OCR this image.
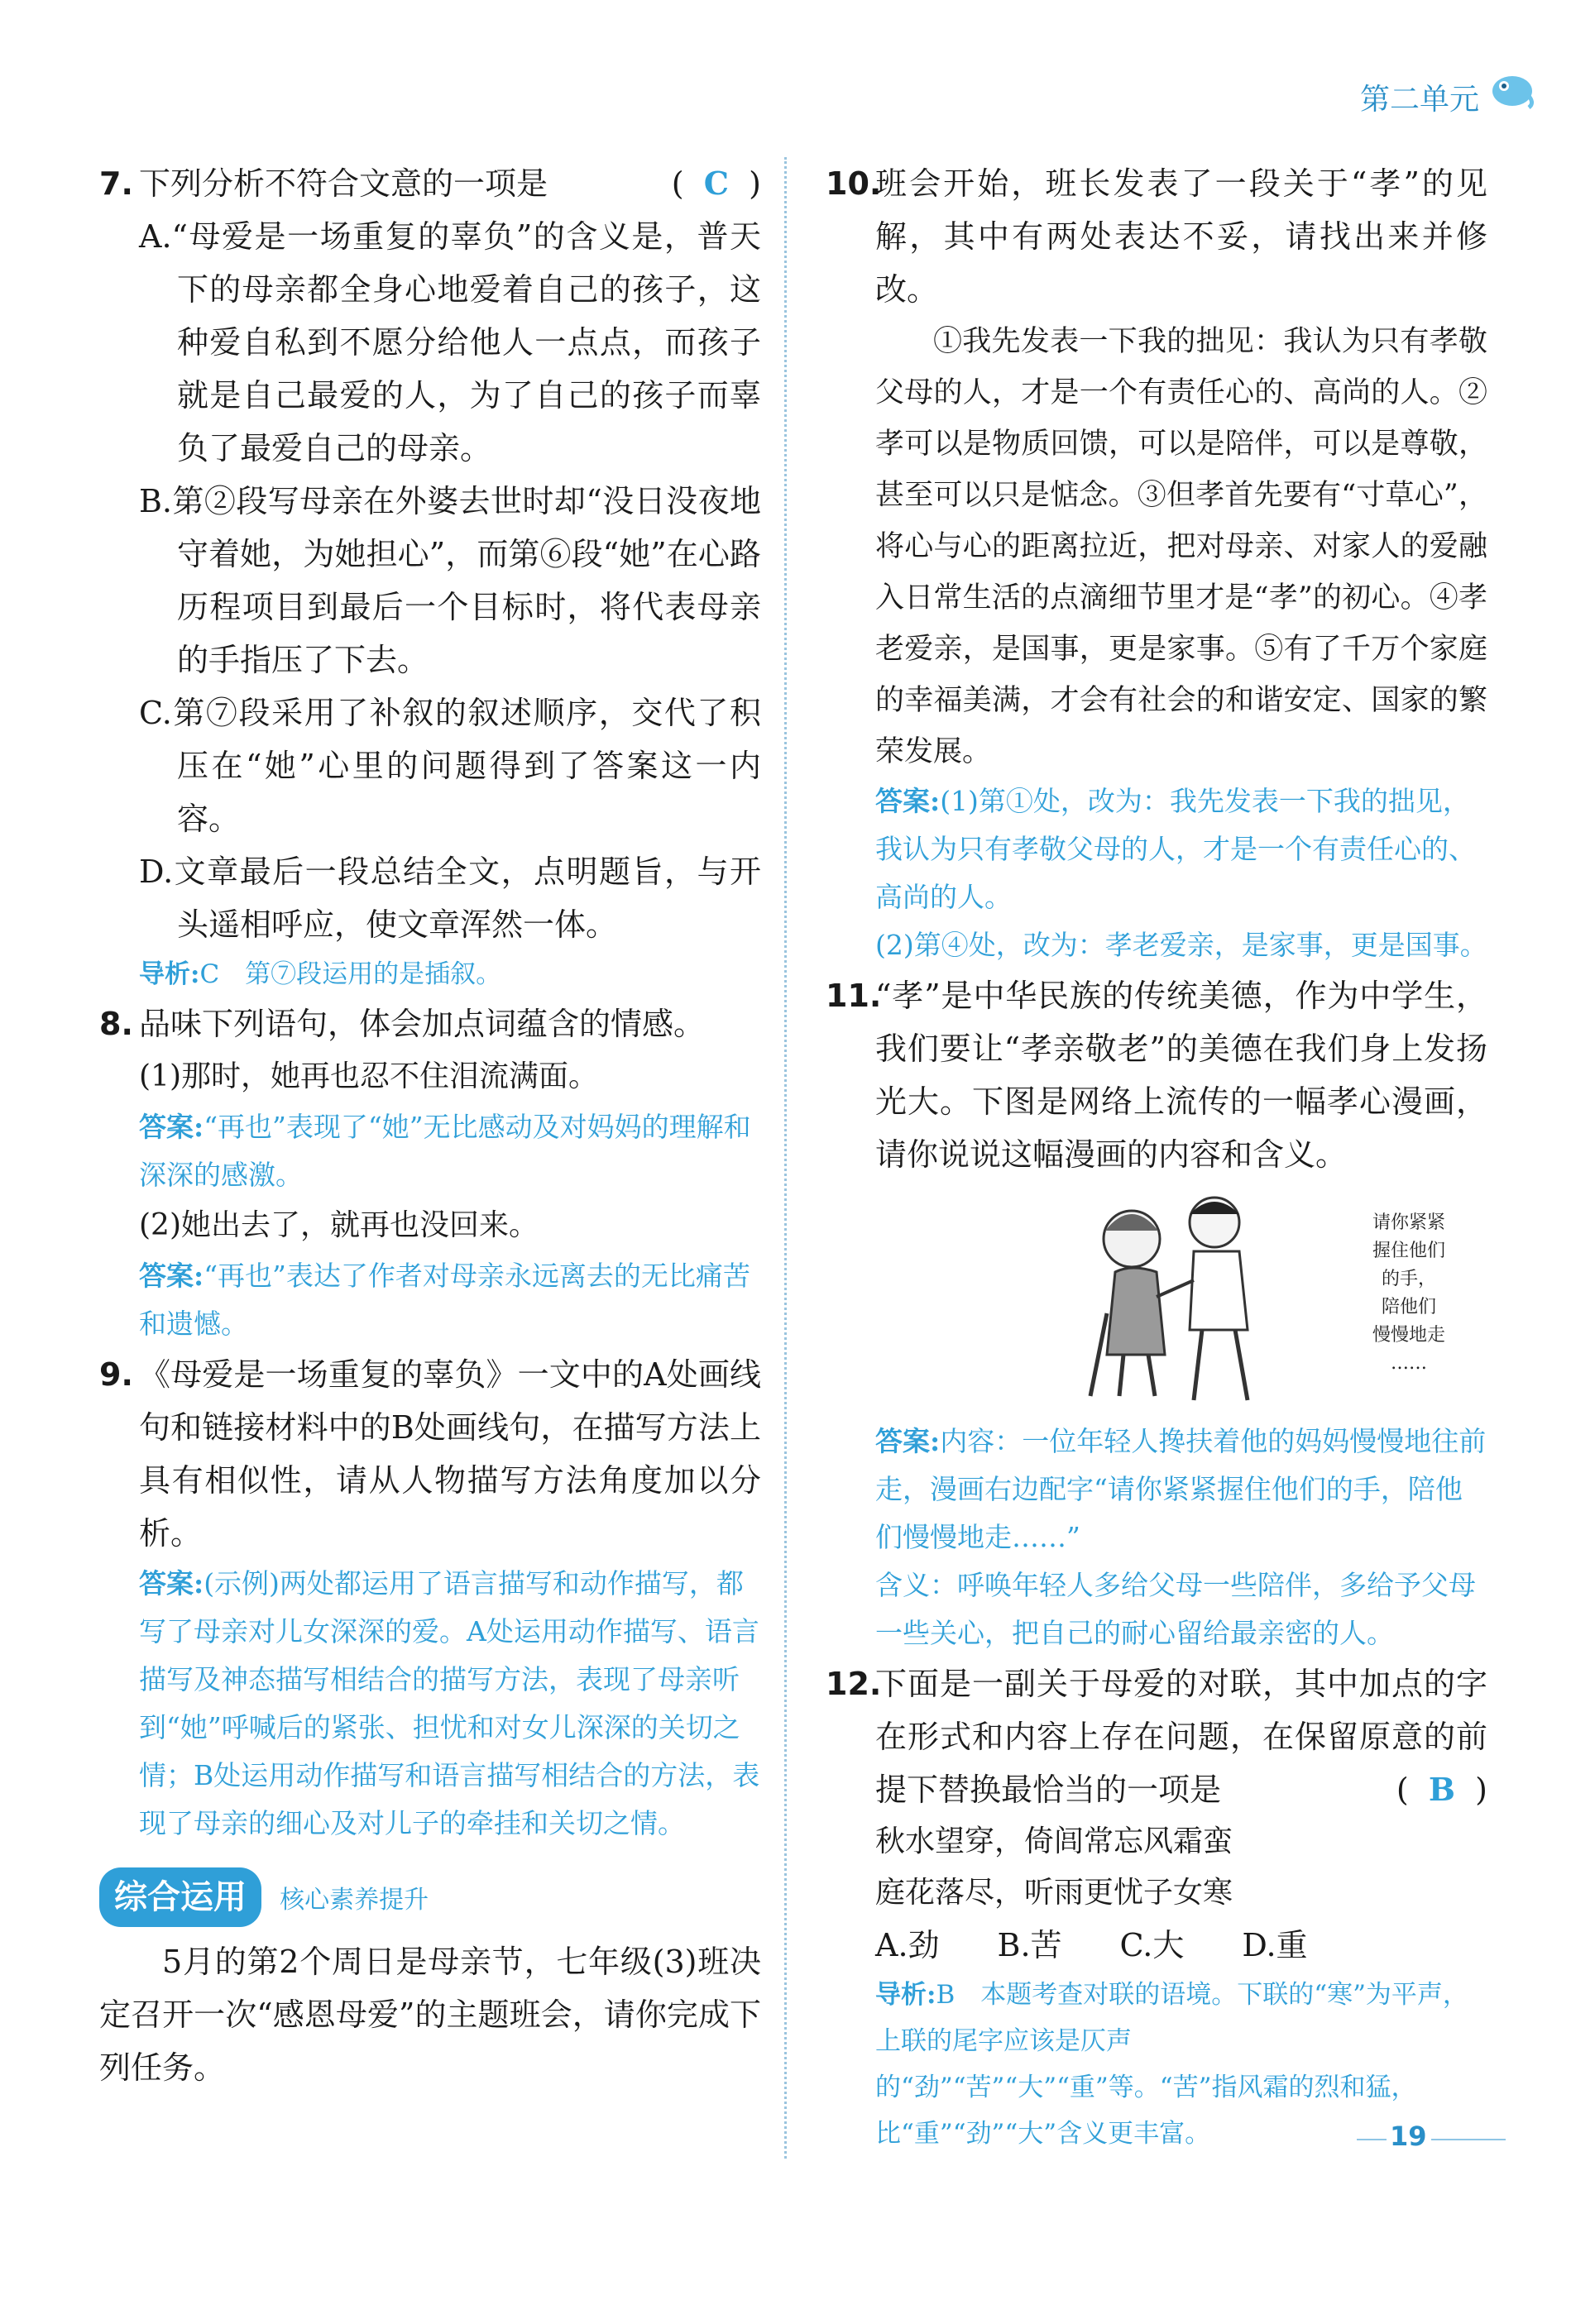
第二单元
7.	(  C  )
下列分析不符合文意的一项是
A.“母爱是一场重复的辜负”的含义是，普天下的母亲都全身心地爱着自己的孩子，这种爱自私到不愿分给他人一点点，而孩子就是自己最爱的人，为了自己的孩子而辜负了最爱自己的母亲。
B.第②段写母亲在外婆去世时却“没日没夜地守着她，为她担心”，而第⑥段“她”在心路历程项目到最后一个目标时，将代表母亲的手指压了下去。
C.第⑦段采用了补叙的叙述顺序，交代了积压在“她”心里的问题得到了答案这一内容。
D.文章最后一段总结全文，点明题旨，与开头遥相呼应，使文章浑然一体。
导析:C　第⑦段运用的是插叙。
8. 品味下列语句，体会加点词蕴含的情感。
(1)那时，她再也忍不住泪流满面。
答案:“再也”表现了“她”无比感动及对妈妈的理解和深深的感激。
(2)她出去了，就再也没回来。
答案:“再也”表达了作者对母亲永远离去的无比痛苦和遗憾。
9. 《母爱是一场重复的辜负》一文中的A处画线句和链接材料中的B处画线句，在描写方法上具有相似性，请从人物描写方法角度加以分析。
答案:(示例)两处都运用了语言描写和动作描写，都写了母亲对儿女深深的爱。A处运用动作描写、语言描写及神态描写相结合的描写方法，表现了母亲听到“她”呼喊后的紧张、担忧和对女儿深深的关切之情；B处运用动作描写和语言描写相结合的方法，表现了母亲的细心及对儿子的牵挂和关切之情。
综合运用 核心素养提升
5月的第2个周日是母亲节，七年级(3)班决定召开一次“感恩母爱”的主题班会，请你完成下列任务。
10.
班会开始，班长发表了一段关于“孝”的见解，其中有两处表达不妥，请找出来并修改。
①我先发表一下我的拙见：我认为只有孝敬父母的人，才是一个有责任心的、高尚的人。②孝可以是物质回馈，可以是陪伴，可以是尊敬，甚至可以只是惦念。③但孝首先要有“寸草心”，将心与心的距离拉近，把对母亲、对家人的爱融入日常生活的点滴细节里才是“孝”的初心。④孝老爱亲，是国事，更是家事。⑤有了千万个家庭的幸福美满，才会有社会的和谐安定、国家的繁荣发展。
答案:(1)第①处，改为：我先发表一下我的拙见，我认为只有孝敬父母的人，才是一个有责任心的、高尚的人。
(2)第④处，改为：孝老爱亲，是家事，更是国事。
11.
“孝”是中华民族的传统美德，作为中学生，我们要让“孝亲敬老”的美德在我们身上发扬光大。下图是网络上流传的一幅孝心漫画，请你说说这幅漫画的内容和含义。
请你紧紧
握住他们
的手，
陪他们
慢慢地走
……
答案:内容：一位年轻人搀扶着他的妈妈慢慢地往前走，漫画右边配字“请你紧紧握住他们的手，陪他们慢慢地走……”
含义：呼唤年轻人多给父母一些陪伴，多给予父母一些关心，把自己的耐心留给最亲密的人。
12.
下面是一副关于母爱的对联，其中加点的字在形式和内容上存在问题，在保留原意的前提下替换最恰当的一项是	(  B  )
秋水望穿，倚闾常忘风霜蛮
庭花落尽，听雨更忧子女寒
A.劲 B.苦 C.大 D.重
导析:B　本题考查对联的语境。下联的“寒”为平声，上联的尾字应该是仄声的“劲”“苦”“大”“重”等。“苦”指风霜的烈和猛，比“重”“劲”“大”含义更丰富。	19
